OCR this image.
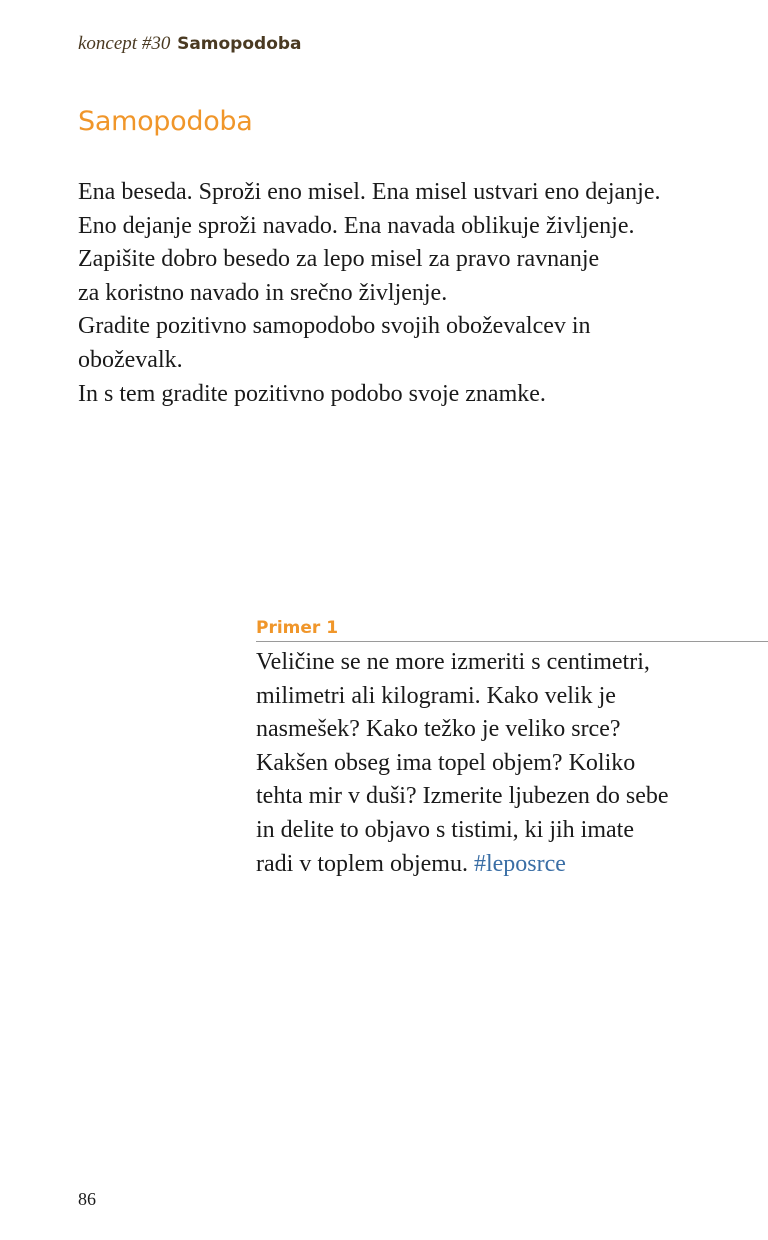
koncept #30 Samopodoba
Samopodoba
Ena beseda. Sproži eno misel. Ena misel ustvari eno dejanje.
Eno dejanje sproži navado. Ena navada oblikuje življenje.
Zapišite dobro besedo za lepo misel za pravo ravnanje
za koristno navado in srečno življenje.
Gradite pozitivno samopodobo svojih oboževalcev in
oboževalk.
In s tem gradite pozitivno podobo svoje znamke.
Primer 1
Veličine se ne more izmeriti s centimetri,
milimetri ali kilogrami. Kako velik je
nasmešek? Kako težko je veliko srce?
Kakšen obseg ima topel objem? Koliko
tehta mir v duši? Izmerite ljubezen do sebe
in delite to objavo s tistimi, ki jih imate
radi v toplem objemu. #leposrce
86
